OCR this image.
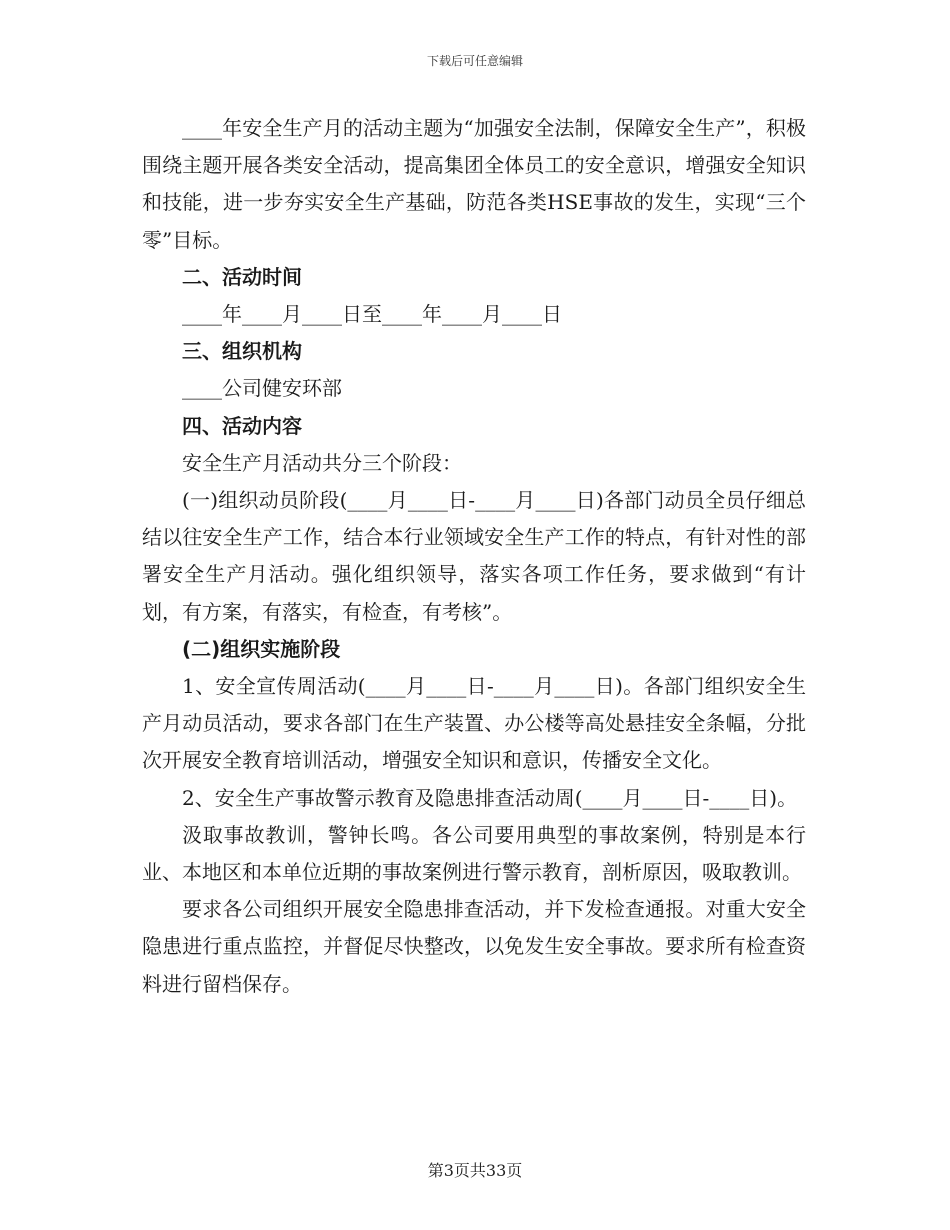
下载后可任意编辑

____年安全生产月的活动主题为“加强安全法制，保障安全生产”，积极围绕主题开展各类安全活动，提高集团全体员工的安全意识，增强安全知识和技能，进一步夯实安全生产基础，防范各类HSE事故的发生，实现“三个零”目标。

二、活动时间

____年____月____日至____年____月____日

三、组织机构

____公司健安环部

四、活动内容

安全生产月活动共分三个阶段：

(一)组织动员阶段(____月____日-____月____日)各部门动员全员仔细总结以往安全生产工作，结合本行业领域安全生产工作的特点，有针对性的部署安全生产月活动。强化组织领导，落实各项工作任务，要求做到“有计划，有方案，有落实，有检查，有考核”。

(二)组织实施阶段

1、安全宣传周活动(____月____日-____月____日)。各部门组织安全生产月动员活动，要求各部门在生产装置、办公楼等高处悬挂安全条幅，分批次开展安全教育培训活动，增强安全知识和意识，传播安全文化。

2、安全生产事故警示教育及隐患排查活动周(____月____日-____日)。

汲取事故教训，警钟长鸣。各公司要用典型的事故案例，特别是本行业、本地区和本单位近期的事故案例进行警示教育，剖析原因，吸取教训。

要求各公司组织开展安全隐患排查活动，并下发检查通报。对重大安全隐患进行重点监控，并督促尽快整改，以免发生安全事故。要求所有检查资料进行留档保存。

第3页共33页
